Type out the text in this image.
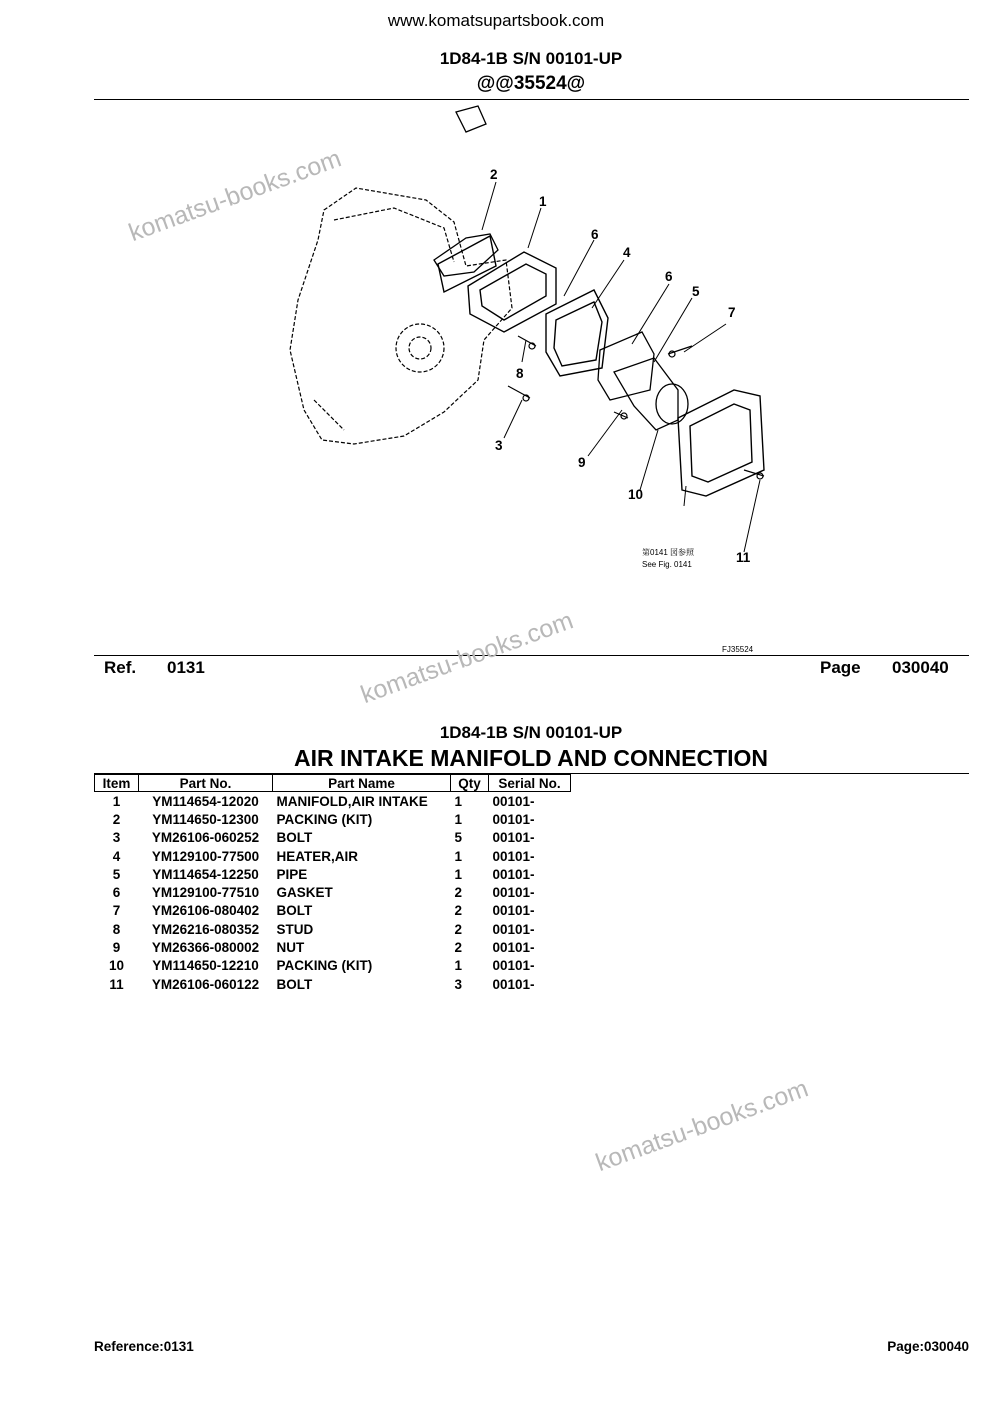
www.komatsupartsbook.com
1D84-1B S/N 00101-UP
@@35524@
2
1
6
4
6
5
7
8
3
9
10
11
第0141 図参照
See Fig. 0141
FJ35524
Ref. 0131	Page 030040
1D84-1B S/N 00101-UP
AIR INTAKE MANIFOLD AND CONNECTION
Item	Part No.	Part Name	Qty	Serial No.
1	YM114654-12020	MANIFOLD,AIR INTAKE	1	00101-
2	YM114650-12300	PACKING (KIT)	1	00101-
3	YM26106-060252	BOLT	5	00101-
4	YM129100-77500	HEATER,AIR	1	00101-
5	YM114654-12250	PIPE	1	00101-
6	YM129100-77510	GASKET	2	00101-
7	YM26106-080402	BOLT	2	00101-
8	YM26216-080352	STUD	2	00101-
9	YM26366-080002	NUT	2	00101-
10	YM114650-12210	PACKING (KIT)	1	00101-
11	YM26106-060122	BOLT	3	00101-
Reference:0131	Page:030040
komatsu-books.com
komatsu-books.com
komatsu-books.com
